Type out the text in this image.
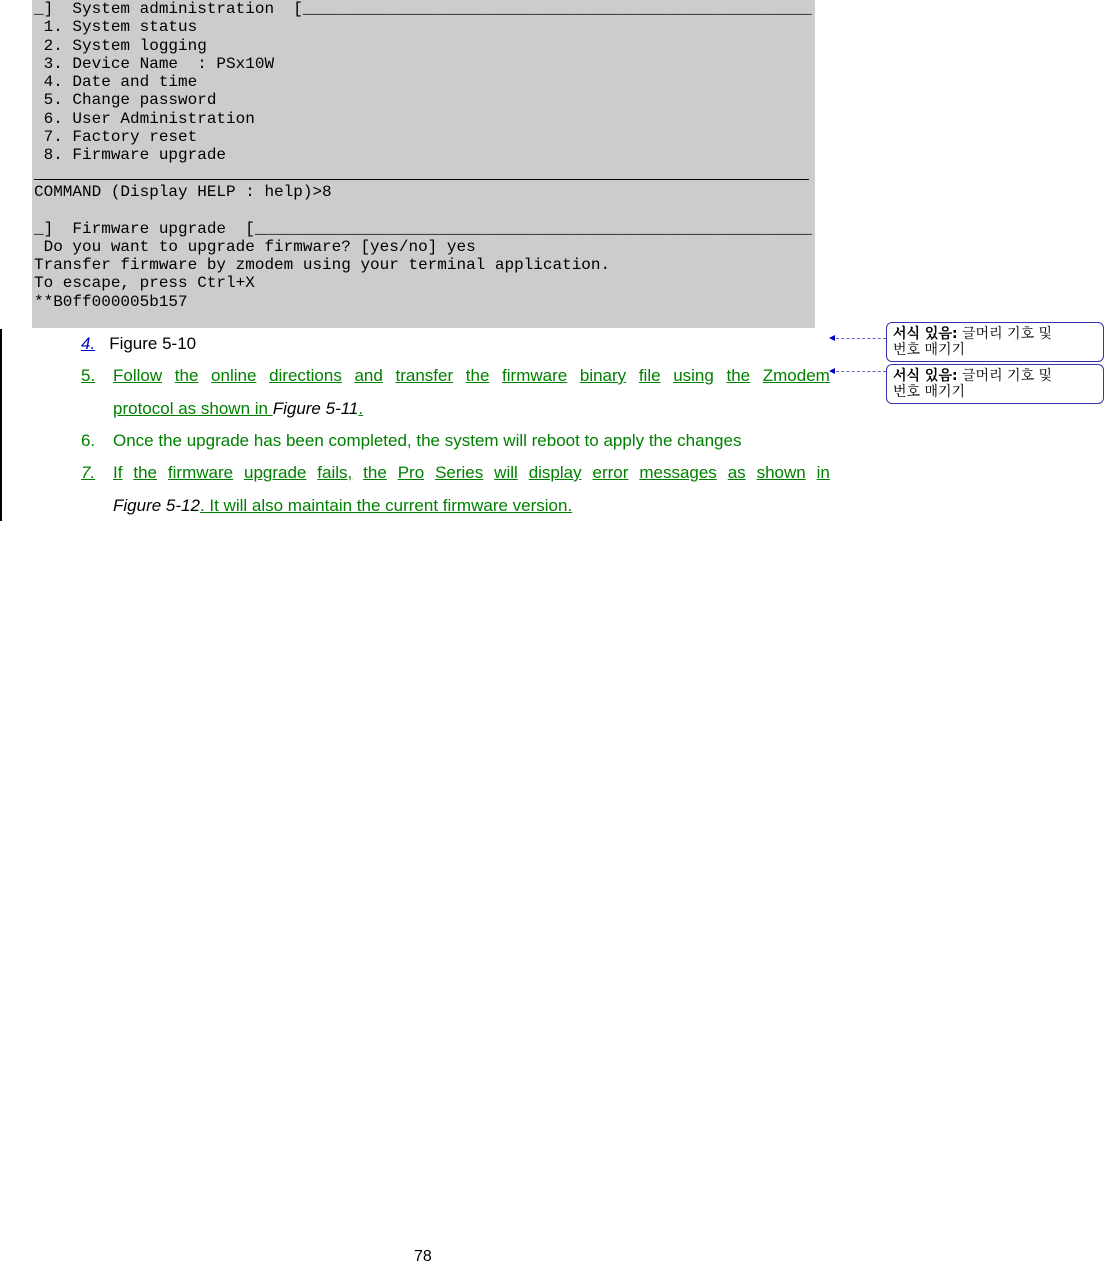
_]  System administration  [_____________________________________________________
1. System status
2. System logging
3. Device Name  : PSx10W
4. Date and time
5. Change password
6. User Administration
7. Factory reset
8. Firmware upgrade
COMMAND (Display HELP : help)>8
_]  Firmware upgrade  [__________________________________________________________
Do you want to upgrade firmware? [yes/no] yes
Transfer firmware by zmodem using your terminal application.
To escape, press Ctrl+X
**B0ff000005b157
4. Figure 5-10
5.	Follow the online directions and transfer the firmware binary file using the Zmodem
protocol as shown in Figure 5-11.
6. Once the upgrade has been completed, the system will reboot to apply the changes
7.	If the firmware upgrade fails, the Pro Series will display error messages as shown in
Figure 5-12. It will also maintain the current firmware version.
서식 있음: 글머리 기호 및
번호 매기기
서식 있음: 글머리 기호 및
번호 매기기
78
